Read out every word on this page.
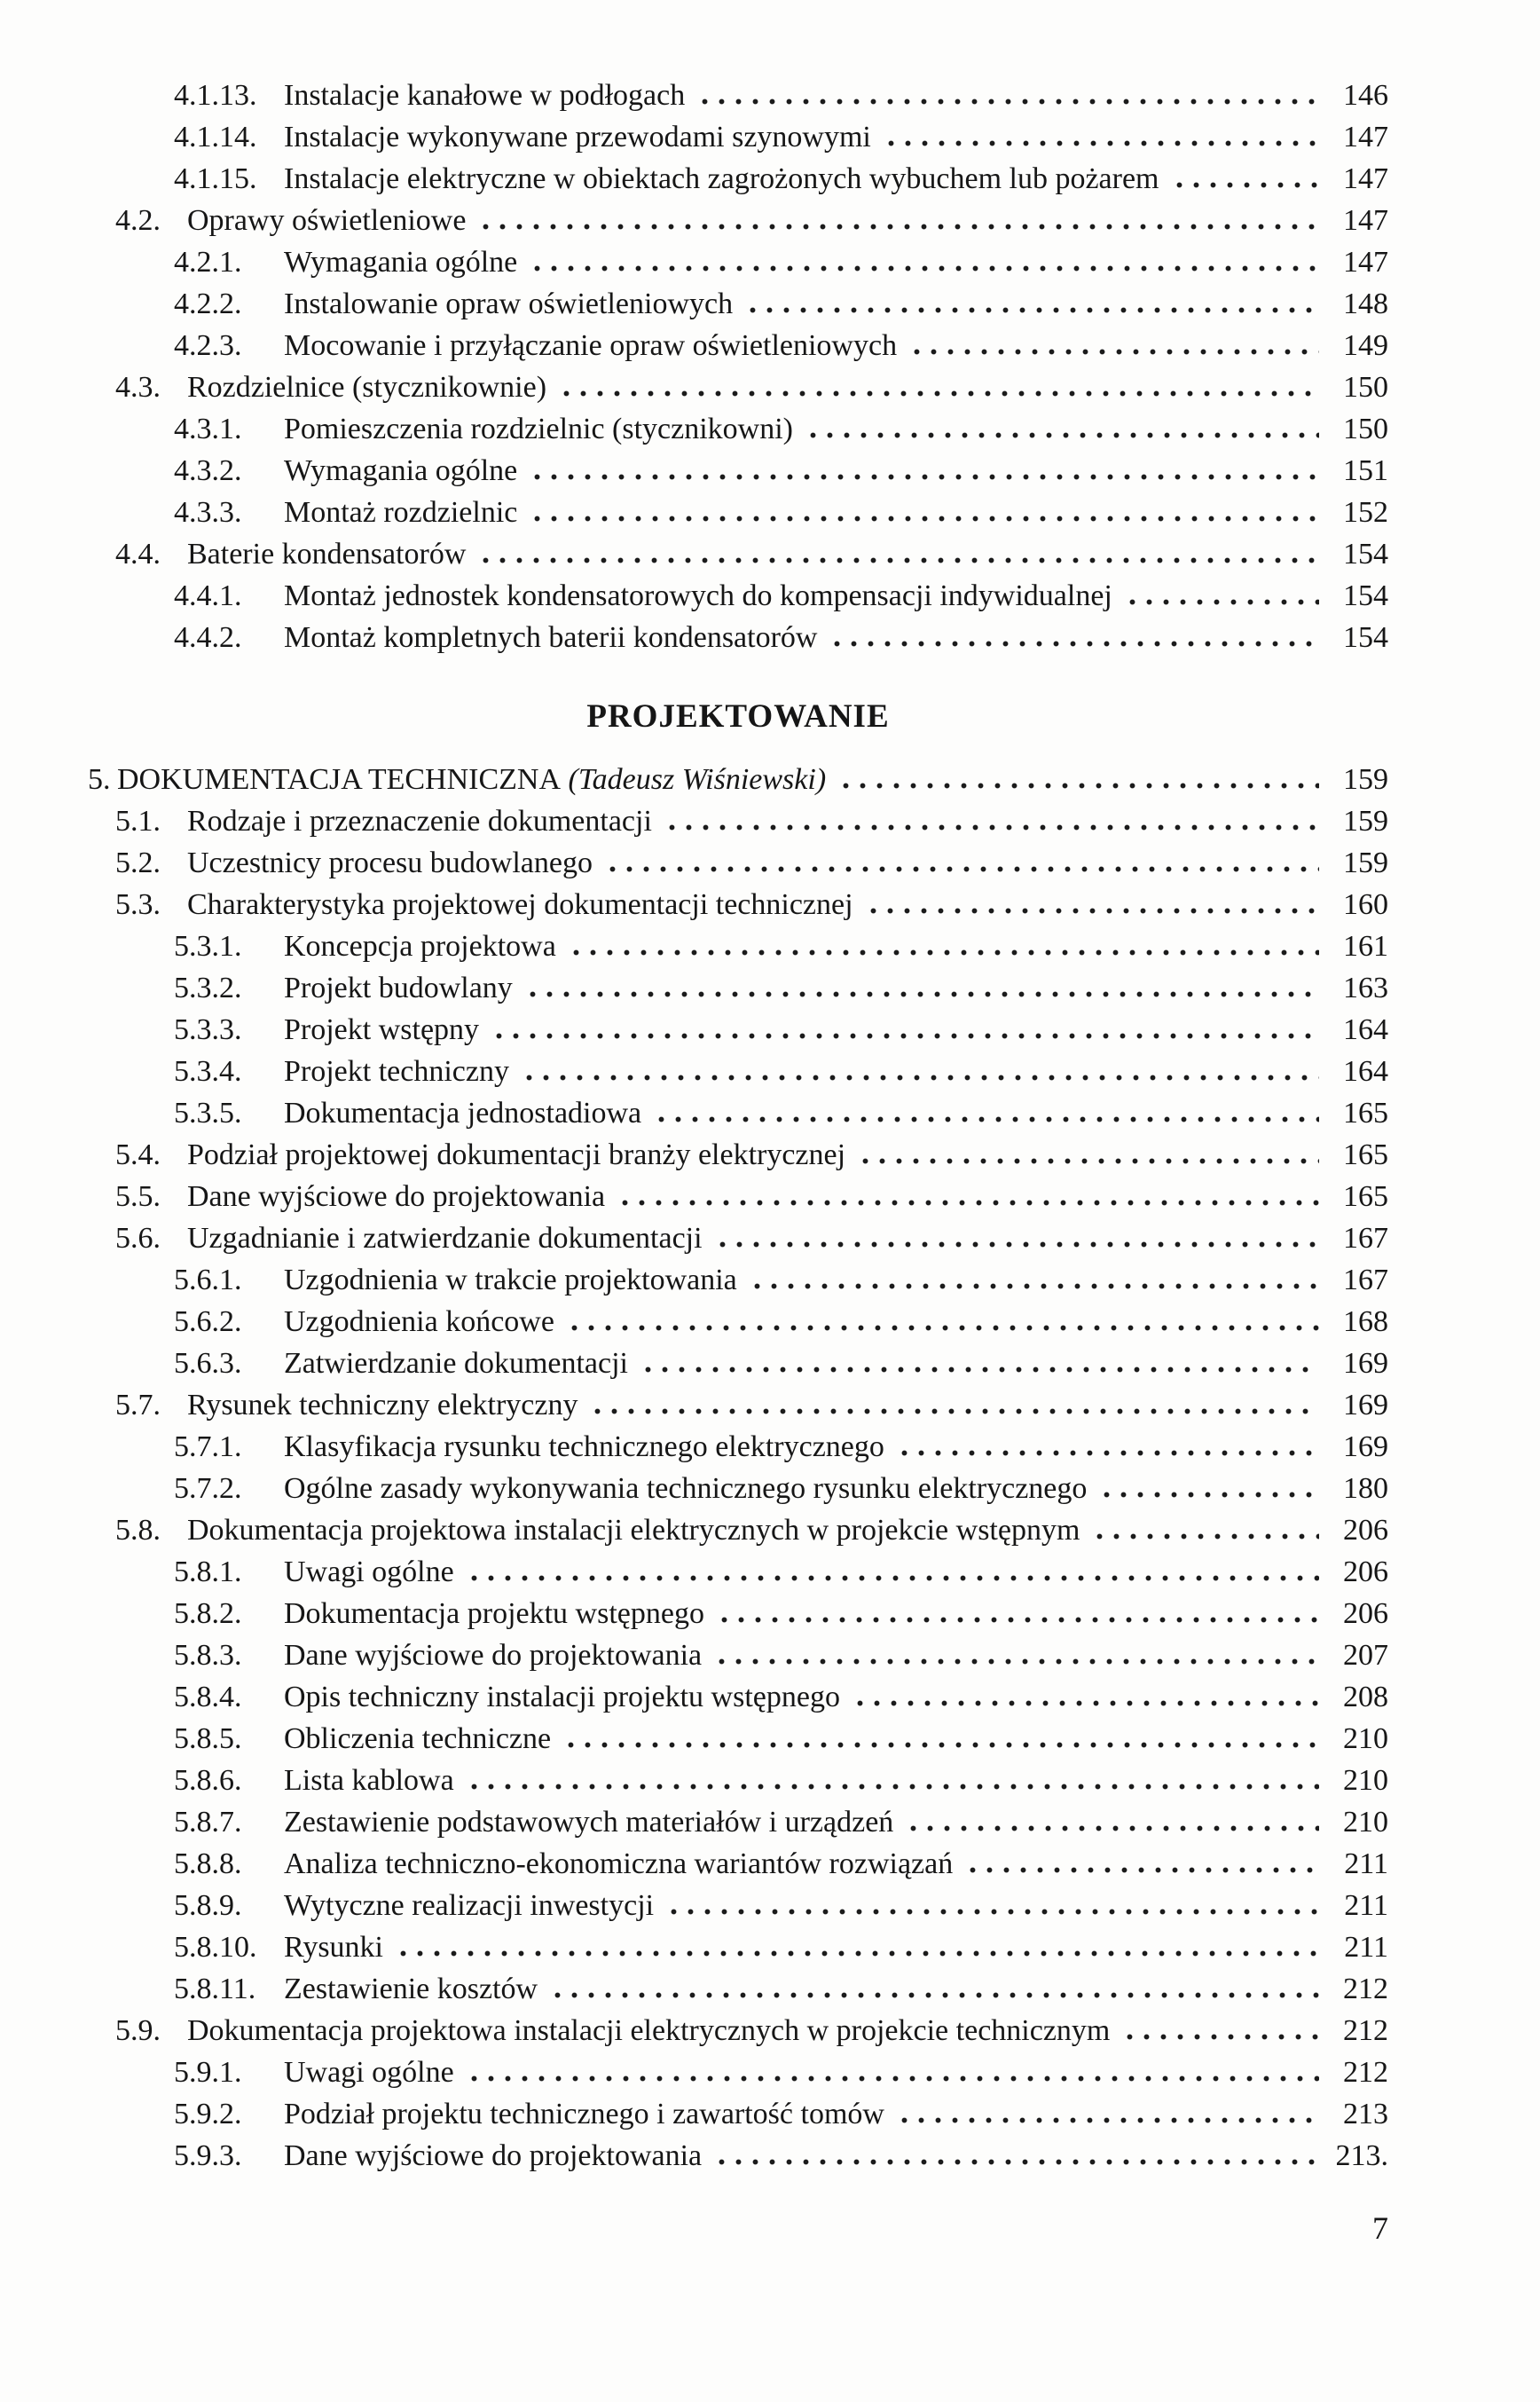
4.1.13. Instalacje kanałowe w podłogach	146
4.1.14. Instalacje wykonywane przewodami szynowymi	147
4.1.15. Instalacje elektryczne w obiektach zagrożonych wybuchem lub pożarem	147
4.2. Oprawy oświetleniowe	147
4.2.1.	Wymagania ogólne	147
4.2.2.	Instalowanie opraw oświetleniowych	148
4.2.3.	Mocowanie i przyłączanie opraw oświetleniowych	149
4.3. Rozdzielnice (stycznikownie)	150
4.3.1.	Pomieszczenia rozdzielnic (stycznikowni)	150
4.3.2.	Wymagania ogólne	151
4.3.3.	Montaż rozdzielnic	152
4.4. Baterie kondensatorów	154
4.4.1.	Montaż jednostek kondensatorowych do kompensacji indywidualnej	154
4.4.2.	Montaż kompletnych baterii kondensatorów	154
PROJEKTOWANIE
5. DOKUMENTACJA TECHNICZNA (Tadeusz Wiśniewski)	159
5.1. Rodzaje i przeznaczenie dokumentacji	159
5.2. Uczestnicy procesu budowlanego	159
5.3. Charakterystyka projektowej dokumentacji technicznej	160
5.3.1.	Koncepcja projektowa	161
5.3.2.	Projekt budowlany	163
5.3.3.	Projekt wstępny	164
5.3.4.	Projekt techniczny	164
5.3.5.	Dokumentacja jednostadiowa	165
5.4. Podział projektowej dokumentacji branży elektrycznej	165
5.5. Dane wyjściowe do projektowania	165
5.6. Uzgadnianie i zatwierdzanie dokumentacji	167
5.6.1.	Uzgodnienia w trakcie projektowania	167
5.6.2.	Uzgodnienia końcowe	168
5.6.3.	Zatwierdzanie dokumentacji	169
5.7. Rysunek techniczny elektryczny	169
5.7.1.	Klasyfikacja rysunku technicznego elektrycznego	169
5.7.2.	Ogólne zasady wykonywania technicznego rysunku elektrycznego	180
5.8. Dokumentacja projektowa instalacji elektrycznych w projekcie wstępnym	206
5.8.1.	Uwagi ogólne	206
5.8.2.	Dokumentacja projektu wstępnego	206
5.8.3.	Dane wyjściowe do projektowania	207
5.8.4.	Opis techniczny instalacji projektu wstępnego	208
5.8.5.	Obliczenia techniczne	210
5.8.6.	Lista kablowa	210
5.8.7.	Zestawienie podstawowych materiałów i urządzeń	210
5.8.8.	Analiza techniczno-ekonomiczna wariantów rozwiązań	211
5.8.9.	Wytyczne realizacji inwestycji	211
5.8.10. Rysunki	211
5.8.11. Zestawienie kosztów	212
5.9. Dokumentacja projektowa instalacji elektrycznych w projekcie technicznym	212
5.9.1.	Uwagi ogólne	212
5.9.2.	Podział projektu technicznego i zawartość tomów	213
5.9.3.	Dane wyjściowe do projektowania	213.
7
